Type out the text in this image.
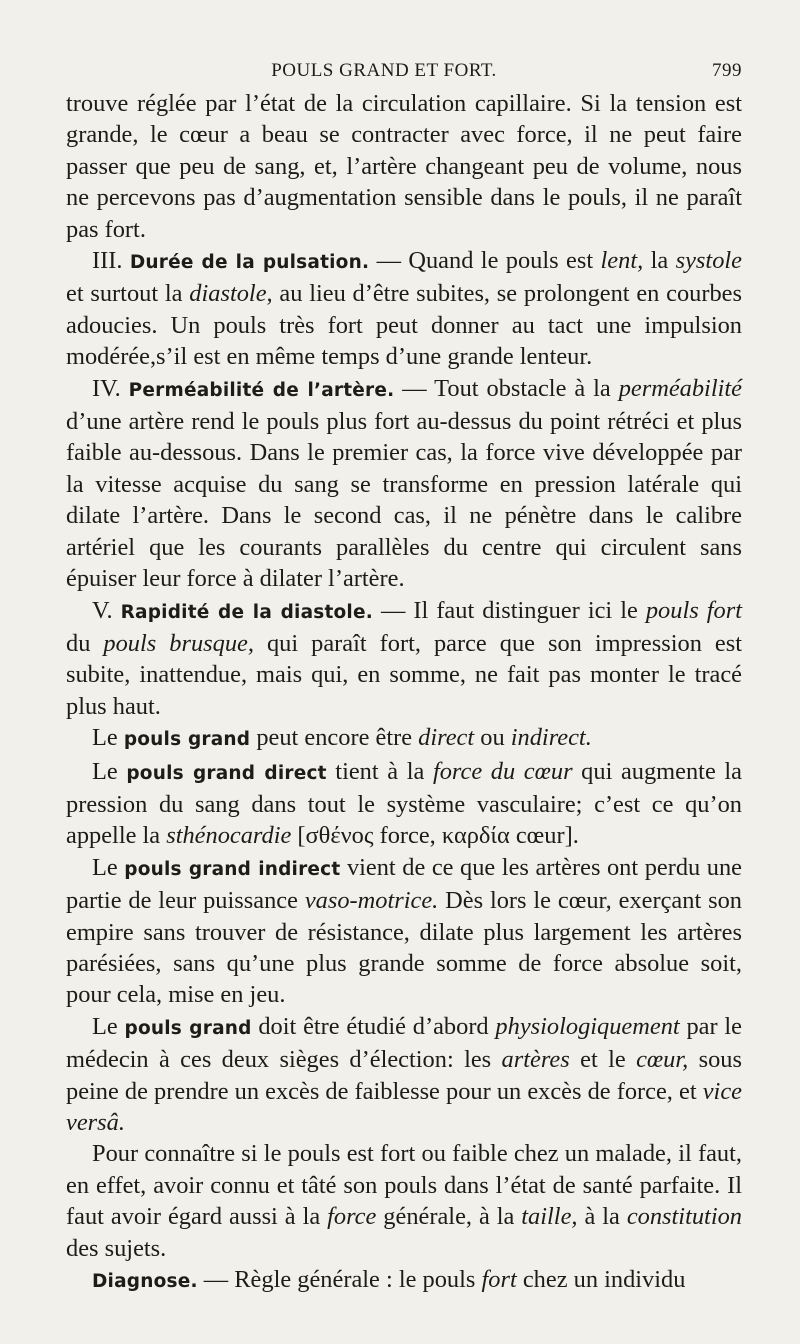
POULS GRAND ET FORT.	799

trouve réglée par l’état de la circulation capillaire. Si la tension est grande, le cœur a beau se contracter avec force, il ne peut faire passer que peu de sang, et, l’artère changeant peu de volume, nous ne percevons pas d’augmentation sensible dans le pouls, il ne paraît pas fort.

III. Durée de la pulsation. — Quand le pouls est lent, la systole et surtout la diastole, au lieu d’être subites, se prolongent en courbes adoucies. Un pouls très fort peut donner au tact une impulsion modérée,s’il est en même temps d’une grande lenteur.

IV. Perméabilité de l’artère. — Tout obstacle à la perméabilité d’une artère rend le pouls plus fort au-dessus du point rétréci et plus faible au-dessous. Dans le premier cas, la force vive développée par la vitesse acquise du sang se transforme en pression latérale qui dilate l’artère. Dans le second cas, il ne pénètre dans le calibre artériel que les courants parallèles du centre qui circulent sans épuiser leur force à dilater l’artère.

V. Rapidité de la diastole. — Il faut distinguer ici le pouls fort du pouls brusque, qui paraît fort, parce que son impression est subite, inattendue, mais qui, en somme, ne fait pas monter le tracé plus haut.

Le pouls grand peut encore être direct ou indirect.

Le pouls grand direct tient à la force du cœur qui augmente la pression du sang dans tout le système vasculaire; c’est ce qu’on appelle la sthénocardie [σθένος force, καρδία cœur].

Le pouls grand indirect vient de ce que les artères ont perdu une partie de leur puissance vaso-motrice. Dès lors le cœur, exerçant son empire sans trouver de résistance, dilate plus largement les artères parésiées, sans qu’une plus grande somme de force absolue soit, pour cela, mise en jeu.

Le pouls grand doit être étudié d’abord physiologiquement par le médecin à ces deux sièges d’élection: les artères et le cœur, sous peine de prendre un excès de faiblesse pour un excès de force, et vice versâ.

Pour connaître si le pouls est fort ou faible chez un malade, il faut, en effet, avoir connu et tâté son pouls dans l’état de santé parfaite. Il faut avoir égard aussi à la force générale, à la taille, à la constitution des sujets.

Diagnose. — Règle générale : le pouls fort chez un individu
